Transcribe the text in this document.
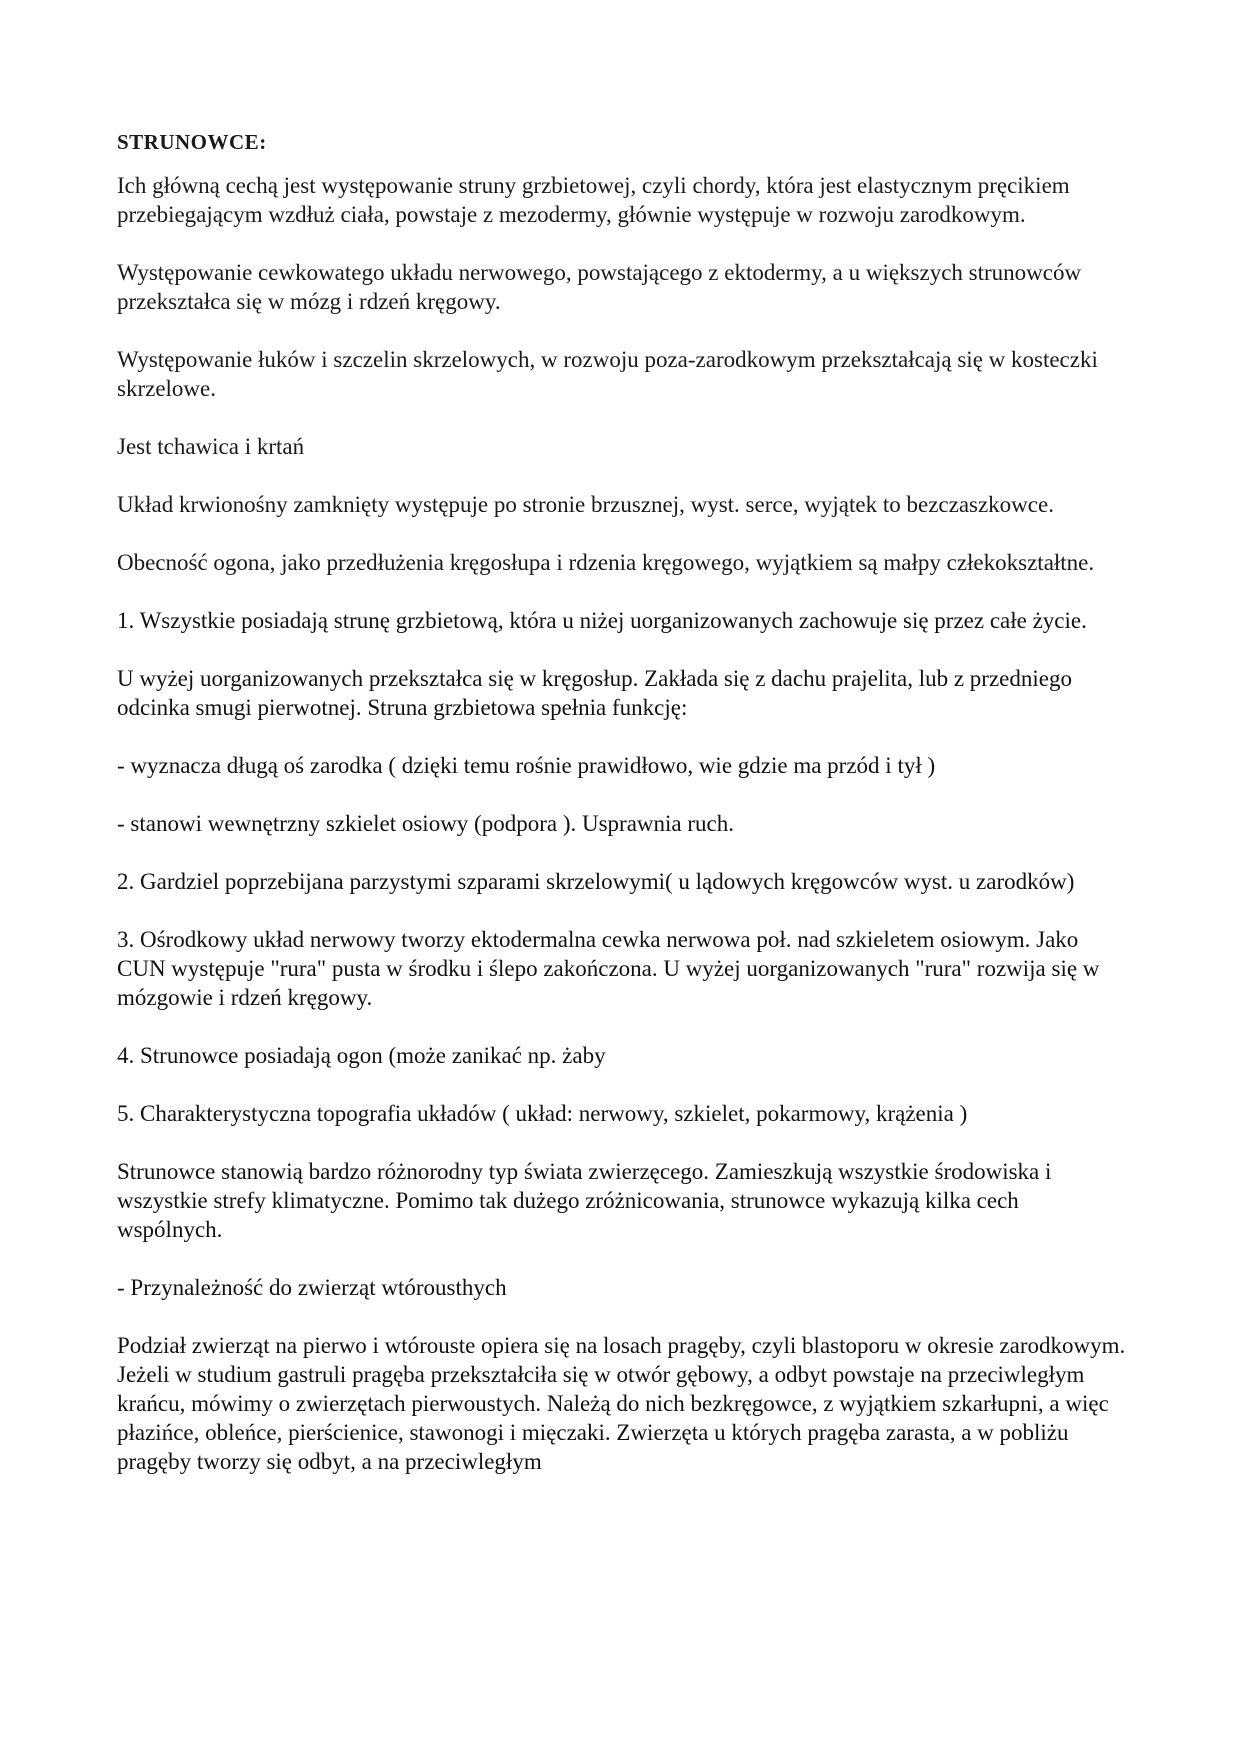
STRUNOWCE:

Ich główną cechą jest występowanie struny grzbietowej, czyli chordy, która jest elastycznym pręcikiem przebiegającym wzdłuż ciała, powstaje z mezodermy, głównie występuje w rozwoju zarodkowym.

Występowanie cewkowatego układu nerwowego, powstającego z ektodermy, a u większych strunowców przekształca się w mózg i rdzeń kręgowy.

Występowanie łuków i szczelin skrzelowych, w rozwoju poza-zarodkowym przekształcają się w kosteczki skrzelowe.

Jest tchawica i krtań

Układ krwionośny zamknięty występuje po stronie brzusznej, wyst. serce, wyjątek to bezczaszkowce.

Obecność ogona, jako przedłużenia kręgosłupa i rdzenia kręgowego, wyjątkiem są małpy człekokształtne.

1. Wszystkie posiadają strunę grzbietową, która u niżej uorganizowanych zachowuje się przez całe życie.

U wyżej uorganizowanych przekształca się w kręgosłup. Zakłada się z dachu prajelita, lub z przedniego odcinka smugi pierwotnej. Struna grzbietowa spełnia funkcję:

- wyznacza długą oś zarodka ( dzięki temu rośnie prawidłowo, wie gdzie ma przód i tył )

- stanowi wewnętrzny szkielet osiowy (podpora ). Usprawnia ruch.

2. Gardziel poprzebijana parzystymi szparami skrzelowymi( u lądowych kręgowców wyst. u zarodków)

3. Ośrodkowy układ nerwowy tworzy ektodermalna cewka nerwowa poł. nad szkieletem osiowym. Jako CUN występuje "rura" pusta w środku i ślepo zakończona. U wyżej uorganizowanych "rura" rozwija się w mózgowie i rdzeń kręgowy.

4. Strunowce posiadają ogon (może zanikać np. żaby

5. Charakterystyczna topografia układów ( układ: nerwowy, szkielet, pokarmowy, krążenia )

Strunowce stanowią bardzo różnorodny typ świata zwierzęcego. Zamieszkują wszystkie środowiska i wszystkie strefy klimatyczne. Pomimo tak dużego zróżnicowania, strunowce wykazują kilka cech wspólnych.

- Przynależność do zwierząt wtórousthych

Podział zwierząt na pierwo i wtórouste opiera się na losach pragęby, czyli blastoporu w okresie zarodkowym. Jeżeli w studium gastruli pragęba przekształciła się w otwór gębowy, a odbyt powstaje na przeciwległym krańcu, mówimy o zwierzętach pierwoustych. Należą do nich bezkręgowce, z wyjątkiem szkarłupni, a więc płazińce, obleńce, pierścienice, stawonogi i mięczaki. Zwierzęta u których pragęba zarasta, a w pobliżu pragęby tworzy się odbyt, a na przeciwległym
